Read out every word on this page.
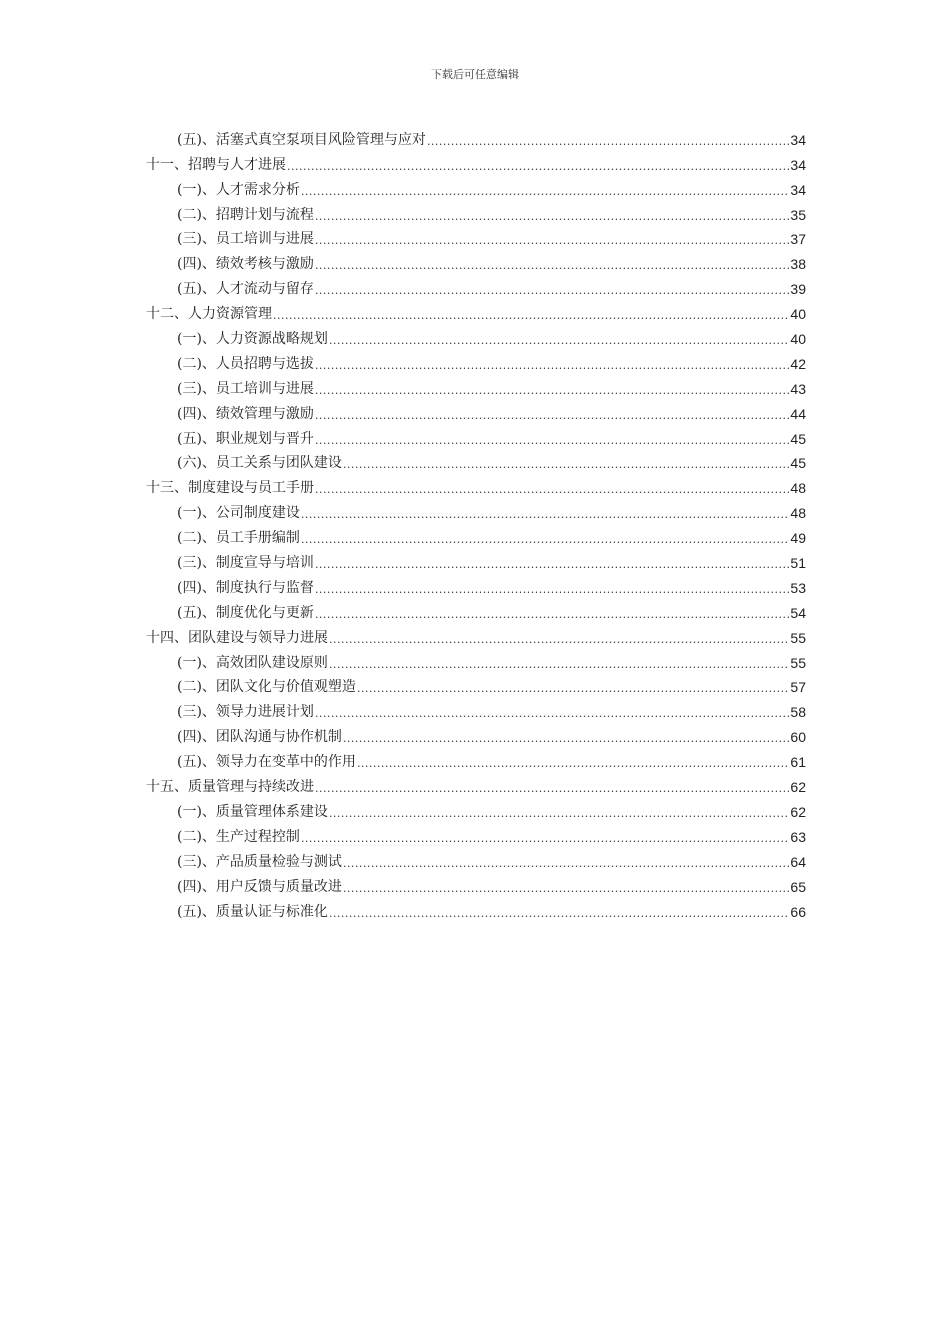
下载后可任意编辑
(五)、活塞式真空泵项目风险管理与应对 .....	34
十一、招聘与人才进展 .....	34
(一)、人才需求分析 .....	34
(二)、招聘计划与流程 .....	35
(三)、员工培训与进展 .....	37
(四)、绩效考核与激励 .....	38
(五)、人才流动与留存 .....	39
十二、人力资源管理 .....	40
(一)、人力资源战略规划 .....	40
(二)、人员招聘与选拔 .....	42
(三)、员工培训与进展 .....	43
(四)、绩效管理与激励 .....	44
(五)、职业规划与晋升 .....	45
(六)、员工关系与团队建设 .....	45
十三、制度建设与员工手册 .....	48
(一)、公司制度建设 .....	48
(二)、员工手册编制 .....	49
(三)、制度宣导与培训 .....	51
(四)、制度执行与监督 .....	53
(五)、制度优化与更新 .....	54
十四、团队建设与领导力进展 .....	55
(一)、高效团队建设原则 .....	55
(二)、团队文化与价值观塑造 .....	57
(三)、领导力进展计划 .....	58
(四)、团队沟通与协作机制 .....	60
(五)、领导力在变革中的作用 .....	61
十五、质量管理与持续改进 .....	62
(一)、质量管理体系建设 .....	62
(二)、生产过程控制 .....	63
(三)、产品质量检验与测试 .....	64
(四)、用户反馈与质量改进 .....	65
(五)、质量认证与标准化 .....	66
